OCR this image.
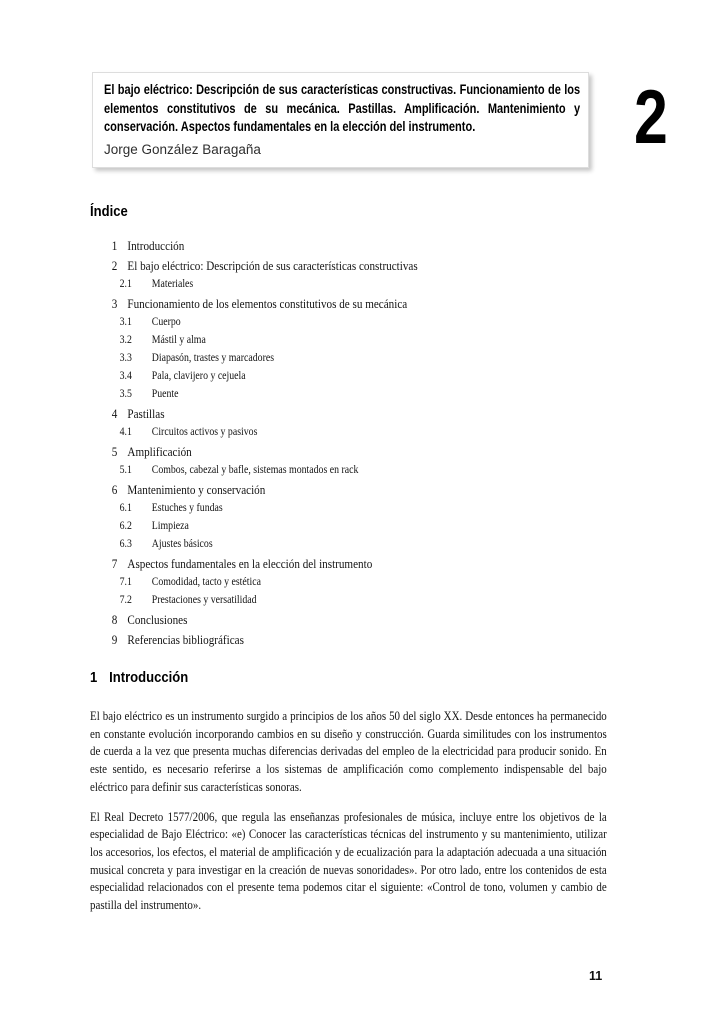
El bajo eléctrico: Descripción de sus características constructivas. Funcionamiento de los elementos constitutivos de su mecánica. Pastillas. Amplificación. Mantenimiento y conservación. Aspectos fundamentales en la elección del instrumento.
Jorge González Baragaña	2
Índice
1 Introducción
2 El bajo eléctrico: Descripción de sus características constructivas
2.1	Materiales
3 Funcionamiento de los elementos constitutivos de su mecánica
3.1	Cuerpo
3.2	Mástil y alma
3.3	Diapasón, trastes y marcadores
3.4	Pala, clavijero y cejuela
3.5	Puente
4 Pastillas
4.1	Circuitos activos y pasivos
5 Amplificación
5.1	Combos, cabezal y bafle, sistemas montados en rack
6 Mantenimiento y conservación
6.1	Estuches y fundas
6.2	Limpieza
6.3	Ajustes básicos
7 Aspectos fundamentales en la elección del instrumento
7.1	Comodidad, tacto y estética
7.2	Prestaciones y versatilidad
8 Conclusiones
9 Referencias bibliográficas
1 Introducción

El bajo eléctrico es un instrumento surgido a principios de los años 50 del siglo XX. Desde entonces ha permanecido en constante evolución incorporando cambios en su diseño y construcción. Guarda similitudes con los instrumentos de cuerda a la vez que presenta muchas diferencias derivadas del empleo de la electricidad para producir sonido. En este sentido, es necesario referirse a los sistemas de amplificación como complemento indispensable del bajo eléctrico para definir sus características sonoras.

El Real Decreto 1577/2006, que regula las enseñanzas profesionales de música, incluye entre los objetivos de la especialidad de Bajo Eléctrico: «e) Conocer las características técnicas del instrumento y su mantenimiento, utilizar los accesorios, los efectos, el material de amplificación y de ecualización para la adaptación adecuada a una situación musical concreta y para investigar en la creación de nuevas sonoridades». Por otro lado, entre los contenidos de esta especialidad relacionados con el presente tema podemos citar el siguiente: «Control de tono, volumen y cambio de pastilla del instrumento».

11
